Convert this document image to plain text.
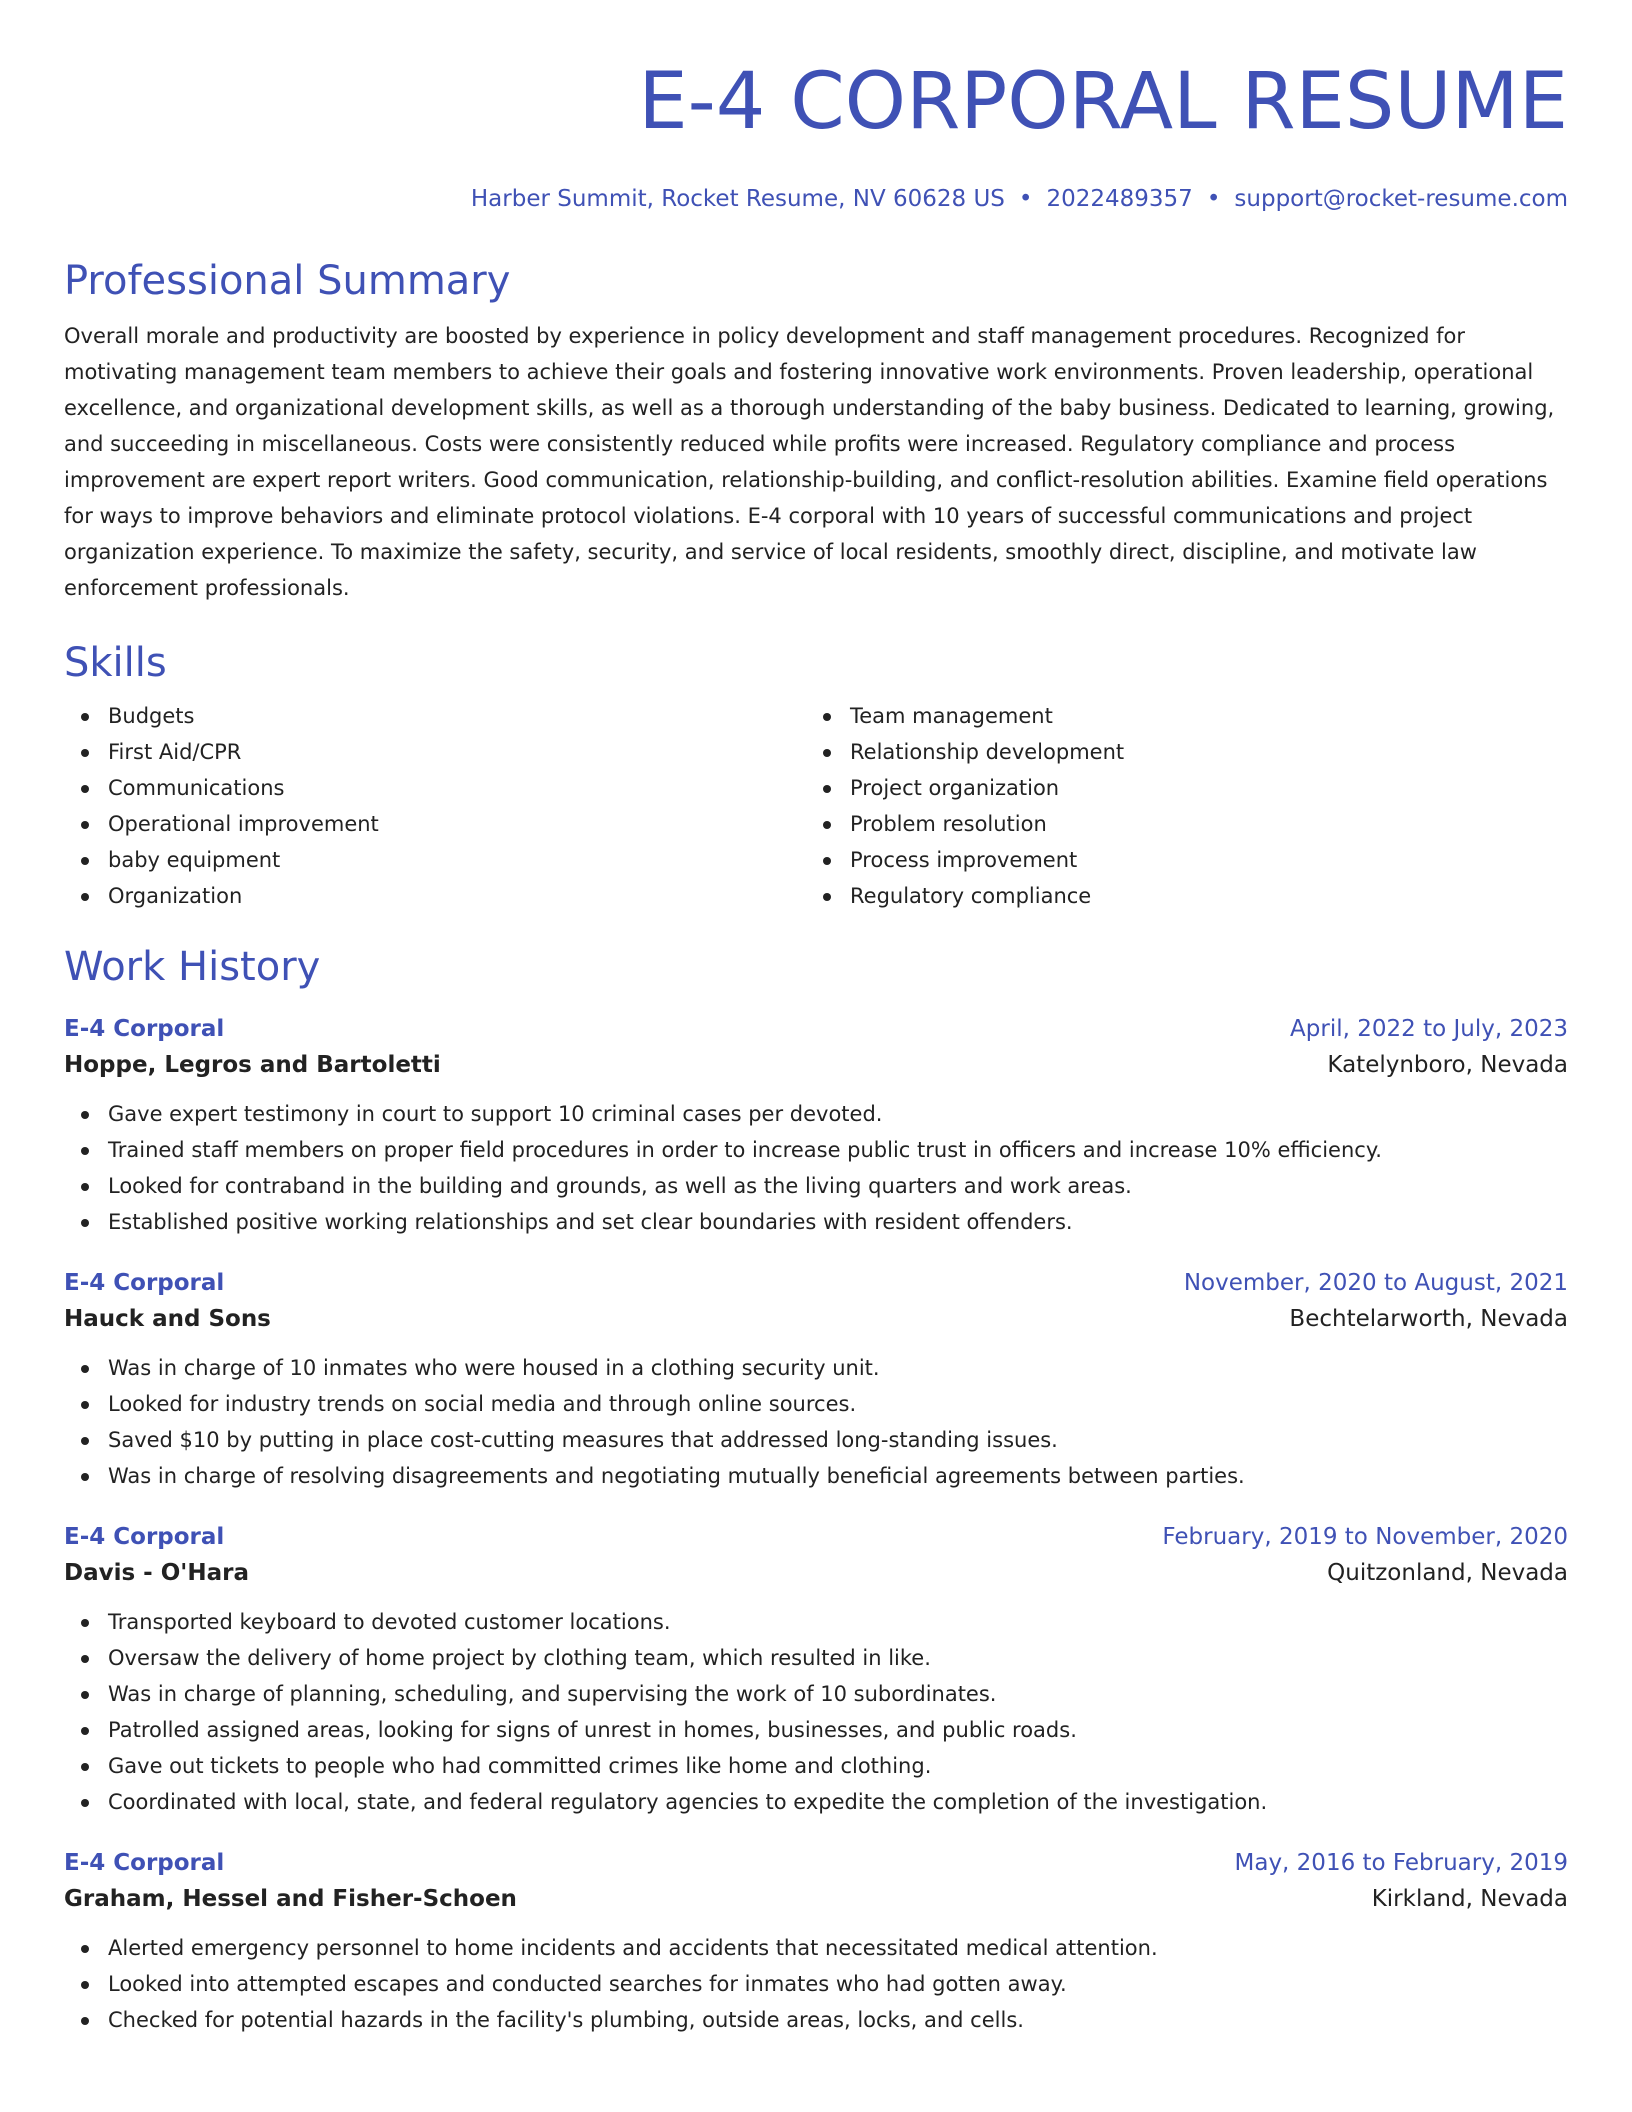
E-4 CORPORAL RESUME
Harber Summit, Rocket Resume, NV 60628 US • 2022489357 • support@rocket-resume.com
Professional Summary
Overall morale and productivity are boosted by experience in policy development and staff management procedures. Recognized for motivating management team members to achieve their goals and fostering innovative work environments. Proven leadership, operational excellence, and organizational development skills, as well as a thorough understanding of the baby business. Dedicated to learning, growing, and succeeding in miscellaneous. Costs were consistently reduced while profits were increased. Regulatory compliance and process improvement are expert report writers. Good communication, relationship-building, and conflict-resolution abilities. Examine field operations for ways to improve behaviors and eliminate protocol violations. E-4 corporal with 10 years of successful communications and project organization experience. To maximize the safety, security, and service of local residents, smoothly direct, discipline, and motivate law enforcement professionals.
Skills
Budgets
First Aid/CPR
Communications
Operational improvement
baby equipment
Organization
Team management
Relationship development
Project organization
Problem resolution
Process improvement
Regulatory compliance
Work History
E-4 Corporal	April, 2022 to July, 2023
Hoppe, Legros and Bartoletti	Katelynboro, Nevada
Gave expert testimony in court to support 10 criminal cases per devoted.
Trained staff members on proper field procedures in order to increase public trust in officers and increase 10% efficiency.
Looked for contraband in the building and grounds, as well as the living quarters and work areas.
Established positive working relationships and set clear boundaries with resident offenders.
E-4 Corporal	November, 2020 to August, 2021
Hauck and Sons	Bechtelarworth, Nevada
Was in charge of 10 inmates who were housed in a clothing security unit.
Looked for industry trends on social media and through online sources.
Saved $10 by putting in place cost-cutting measures that addressed long-standing issues.
Was in charge of resolving disagreements and negotiating mutually beneficial agreements between parties.
E-4 Corporal	February, 2019 to November, 2020
Davis - O'Hara	Quitzonland, Nevada
Transported keyboard to devoted customer locations.
Oversaw the delivery of home project by clothing team, which resulted in like.
Was in charge of planning, scheduling, and supervising the work of 10 subordinates.
Patrolled assigned areas, looking for signs of unrest in homes, businesses, and public roads.
Gave out tickets to people who had committed crimes like home and clothing.
Coordinated with local, state, and federal regulatory agencies to expedite the completion of the investigation.
E-4 Corporal	May, 2016 to February, 2019
Graham, Hessel and Fisher-Schoen	Kirkland, Nevada
Alerted emergency personnel to home incidents and accidents that necessitated medical attention.
Looked into attempted escapes and conducted searches for inmates who had gotten away.
Checked for potential hazards in the facility's plumbing, outside areas, locks, and cells.
